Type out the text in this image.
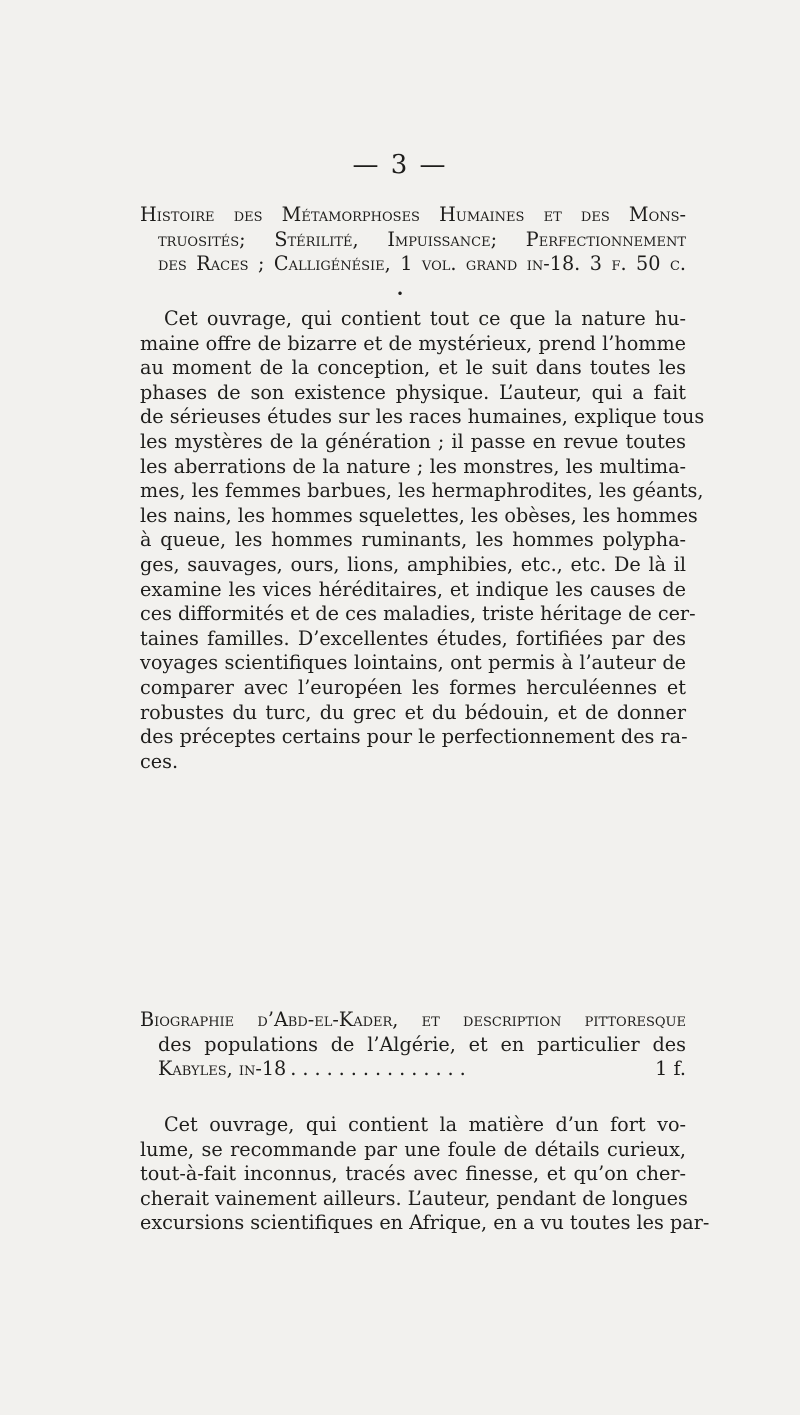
— 3 —
Histoire des Métamorphoses Humaines et des Mons-
truosités; Stérilité, Impuissance; Perfectionnement
des Races ; Calligénésie, 1 vol. grand in-18. 3 f. 50 c.
•
Cet ouvrage, qui contient tout ce que la nature hu-
maine offre de bizarre et de mystérieux, prend l’homme
au moment de la conception, et le suit dans toutes les
phases de son existence physique. L’auteur, qui a fait
de sérieuses études sur les races humaines, explique tous
les mystères de la génération ; il passe en revue toutes
les aberrations de la nature ; les monstres, les multima-
mes, les femmes barbues, les hermaphrodites, les géants,
les nains, les hommes squelettes, les obèses, les hommes
à queue, les hommes ruminants, les hommes polypha-
ges, sauvages, ours, lions, amphibies, etc., etc. De là il
examine les vices héréditaires, et indique les causes de
ces difformités et de ces maladies, triste héritage de cer-
taines familles. D’excellentes études, fortifiées par des
voyages scientifiques lointains, ont permis à l’auteur de
comparer avec l’européen les formes herculéennes et
robustes du turc, du grec et du bédouin, et de donner
des préceptes certains pour le perfectionnement des ra-
ces.
Biographie d’Abd-el-Kader, et description pittoresque
des populations de l’Algérie, et en particulier des
Kabyles, in-18 ...............	1 f.
Cet ouvrage, qui contient la matière d’un fort vo-
lume, se recommande par une foule de détails curieux,
tout-à-fait inconnus, tracés avec finesse, et qu’on cher-
cherait vainement ailleurs. L’auteur, pendant de longues
excursions scientifiques en Afrique, en a vu toutes les par-
